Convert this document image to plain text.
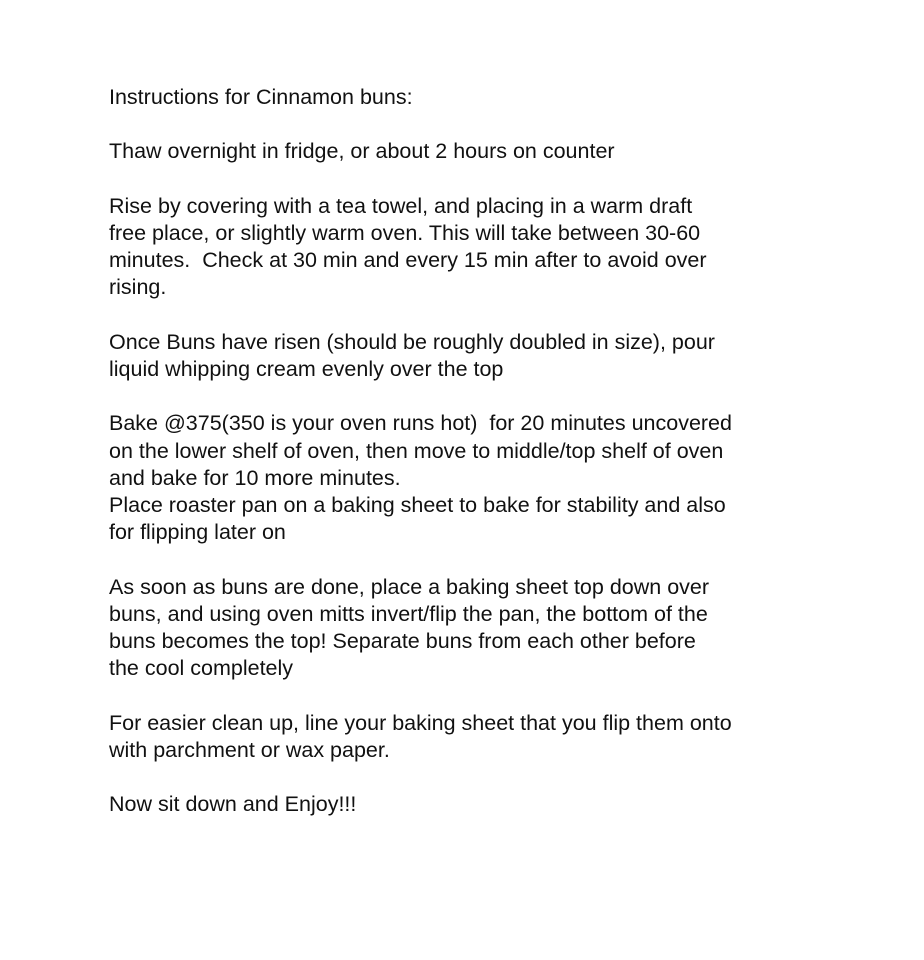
Instructions for Cinnamon buns:

Thaw overnight in fridge, or about 2 hours on counter

Rise by covering with a tea towel, and placing in a warm draft
free place, or slightly warm oven. This will take between 30-60
minutes.  Check at 30 min and every 15 min after to avoid over
rising.

Once Buns have risen (should be roughly doubled in size), pour
liquid whipping cream evenly over the top

Bake @375(350 is your oven runs hot)  for 20 minutes uncovered
on the lower shelf of oven, then move to middle/top shelf of oven
and bake for 10 more minutes.
Place roaster pan on a baking sheet to bake for stability and also
for flipping later on

As soon as buns are done, place a baking sheet top down over
buns, and using oven mitts invert/flip the pan, the bottom of the
buns becomes the top! Separate buns from each other before
the cool completely

For easier clean up, line your baking sheet that you flip them onto
with parchment or wax paper.

Now sit down and Enjoy!!!
